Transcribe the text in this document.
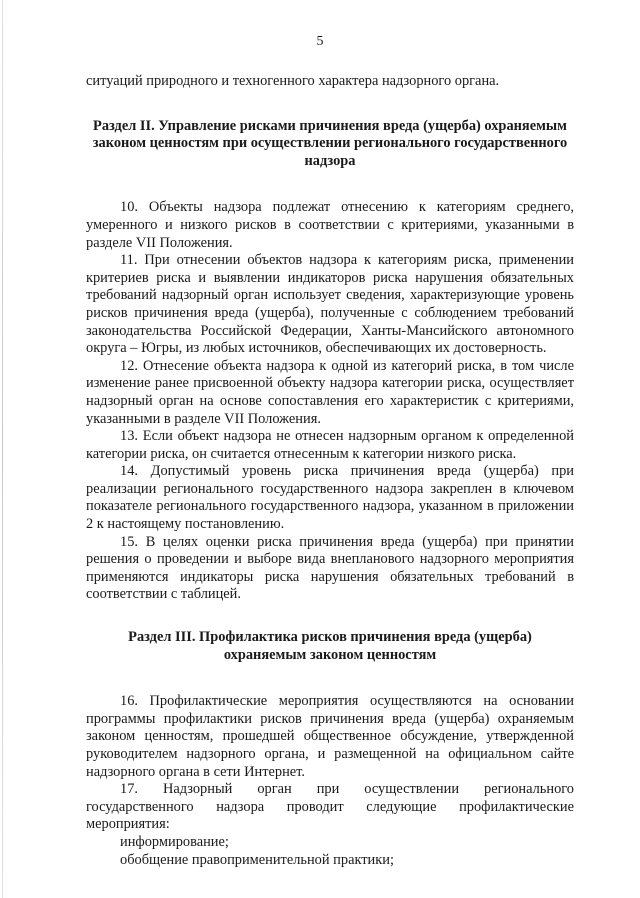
5

ситуаций природного и техногенного характера надзорного органа.

Раздел II. Управление рисками причинения вреда (ущерба) охраняемым законом ценностям при осуществлении регионального государственного надзора

10. Объекты надзора подлежат отнесению к категориям среднего, умеренного и низкого рисков в соответствии с критериями, указанными в разделе VII Положения.

11. При отнесении объектов надзора к категориям риска, применении критериев риска и выявлении индикаторов риска нарушения обязательных требований надзорный орган использует сведения, характеризующие уровень рисков причинения вреда (ущерба), полученные с соблюдением требований законодательства Российской Федерации, Ханты-Мансийского автономного округа – Югры, из любых источников, обеспечивающих их достоверность.

12. Отнесение объекта надзора к одной из категорий риска, в том числе изменение ранее присвоенной объекту надзора категории риска, осуществляет надзорный орган на основе сопоставления его характеристик с критериями, указанными в разделе VII Положения.

13. Если объект надзора не отнесен надзорным органом к определенной категории риска, он считается отнесенным к категории низкого риска.

14. Допустимый уровень риска причинения вреда (ущерба) при реализации регионального государственного надзора закреплен в ключевом показателе регионального государственного надзора, указанном в приложении 2 к настоящему постановлению.

15. В целях оценки риска причинения вреда (ущерба) при принятии решения о проведении и выборе вида внепланового надзорного мероприятия применяются индикаторы риска нарушения обязательных требований в соответствии с таблицей.

Раздел III. Профилактика рисков причинения вреда (ущерба) охраняемым законом ценностям

16. Профилактические мероприятия осуществляются на основании программы профилактики рисков причинения вреда (ущерба) охраняемым законом ценностям, прошедшей общественное обсуждение, утвержденной руководителем надзорного органа, и размещенной на официальном сайте надзорного органа в сети Интернет.

17. Надзорный орган при осуществлении регионального государственного надзора проводит следующие профилактические мероприятия:

информирование;

обобщение правоприменительной практики;
